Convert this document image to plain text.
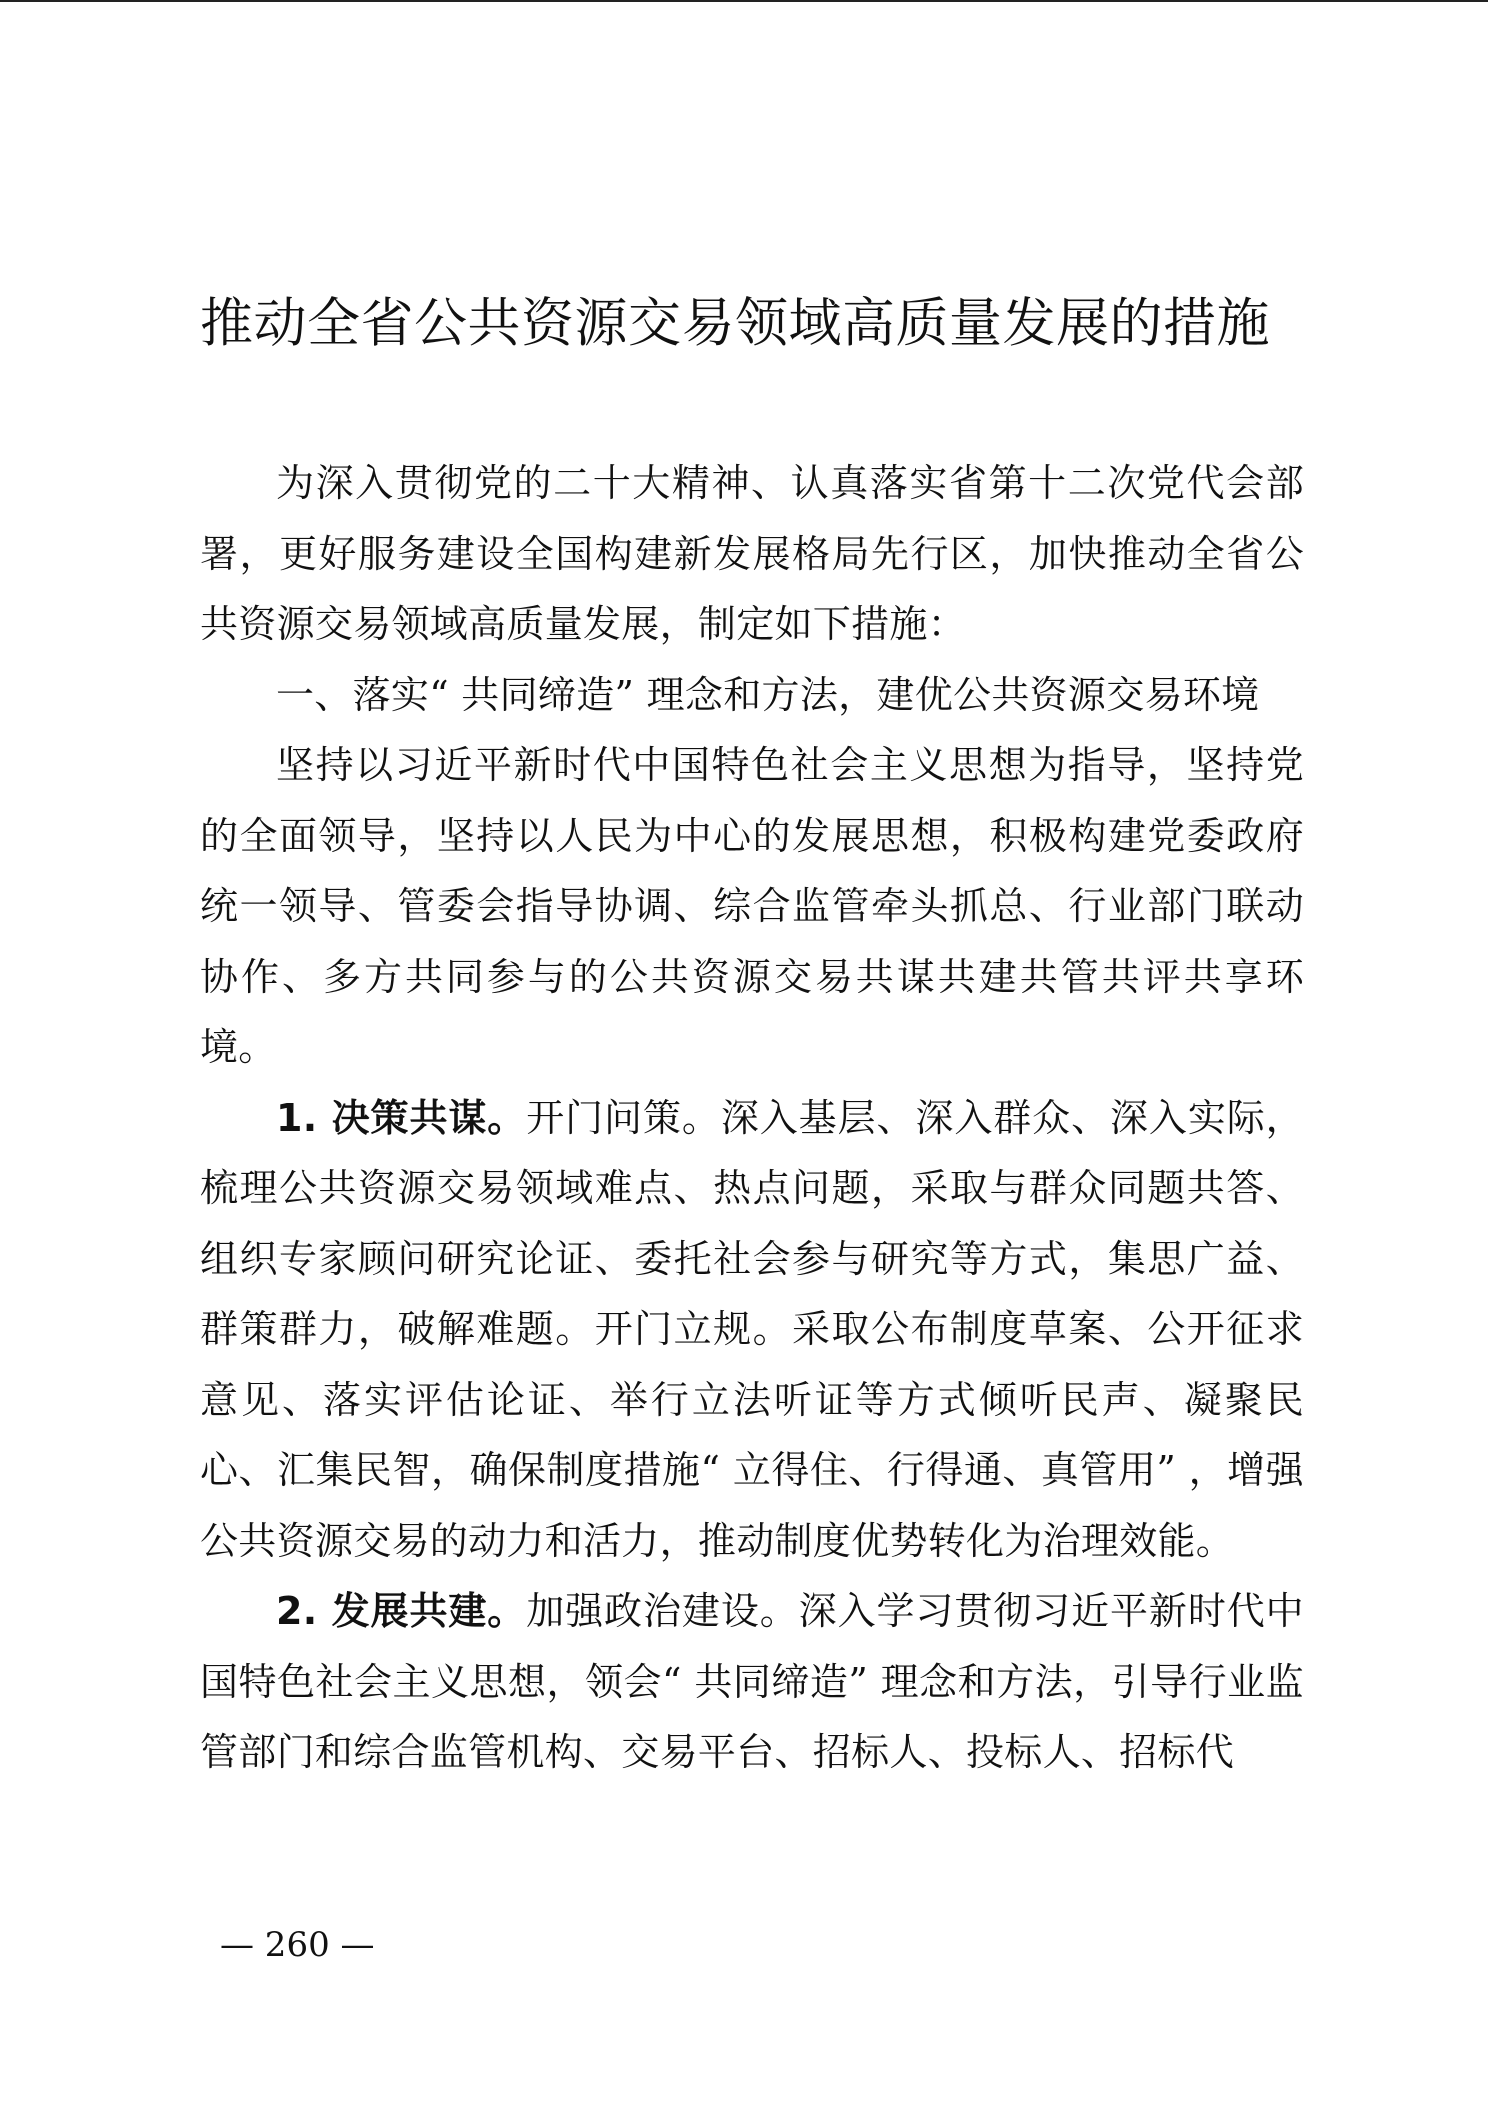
推动全省公共资源交易领域高质量发展的措施

为深入贯彻党的二十大精神、认真落实省第十二次党代会部署，更好服务建设全国构建新发展格局先行区，加快推动全省公共资源交易领域高质量发展，制定如下措施：

一、落实“ 共同缔造” 理念和方法，建优公共资源交易环境

坚持以习近平新时代中国特色社会主义思想为指导，坚持党的全面领导，坚持以人民为中心的发展思想，积极构建党委政府统一领导、管委会指导协调、综合监管牵头抓总、行业部门联动协作、多方共同参与的公共资源交易共谋共建共管共评共享环境。

1. 决策共谋。开门问策。深入基层、深入群众、深入实际，梳理公共资源交易领域难点、热点问题，采取与群众同题共答、组织专家顾问研究论证、委托社会参与研究等方式，集思广益、群策群力，破解难题。开门立规。采取公布制度草案、公开征求意见、落实评估论证、举行立法听证等方式倾听民声、凝聚民心、汇集民智，确保制度措施“ 立得住、行得通、真管用” ，增强公共资源交易的动力和活力，推动制度优势转化为治理效能。

2. 发展共建。加强政治建设。深入学习贯彻习近平新时代中国特色社会主义思想，领会“ 共同缔造” 理念和方法，引导行业监管部门和综合监管机构、交易平台、招标人、投标人、招标代

— 260 —
